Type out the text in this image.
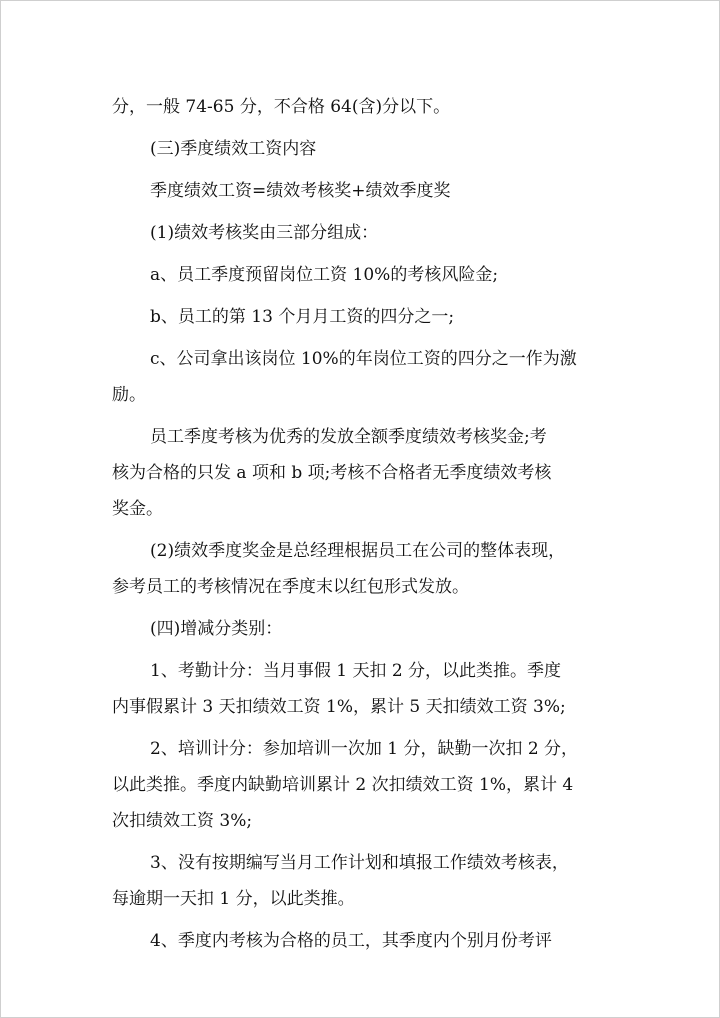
分，一般 74-65 分，不合格 64(含)分以下。
(三)季度绩效工资内容
季度绩效工资=绩效考核奖+绩效季度奖
(1)绩效考核奖由三部分组成：
a、员工季度预留岗位工资 10%的考核风险金;
b、员工的第 13 个月月工资的四分之一;
c、公司拿出该岗位 10%的年岗位工资的四分之一作为激
励。
员工季度考核为优秀的发放全额季度绩效考核奖金;考
核为合格的只发 a 项和 b 项;考核不合格者无季度绩效考核
奖金。
(2)绩效季度奖金是总经理根据员工在公司的整体表现，
参考员工的考核情况在季度末以红包形式发放。
(四)增减分类别：
1、考勤计分：当月事假 1 天扣 2 分，以此类推。季度
内事假累计 3 天扣绩效工资 1%，累计 5 天扣绩效工资 3%;
2、培训计分：参加培训一次加 1 分，缺勤一次扣 2 分，
以此类推。季度内缺勤培训累计 2 次扣绩效工资 1%，累计 4
次扣绩效工资 3%;
3、没有按期编写当月工作计划和填报工作绩效考核表，
每逾期一天扣 1 分，以此类推。
4、季度内考核为合格的员工，其季度内个别月份考评
